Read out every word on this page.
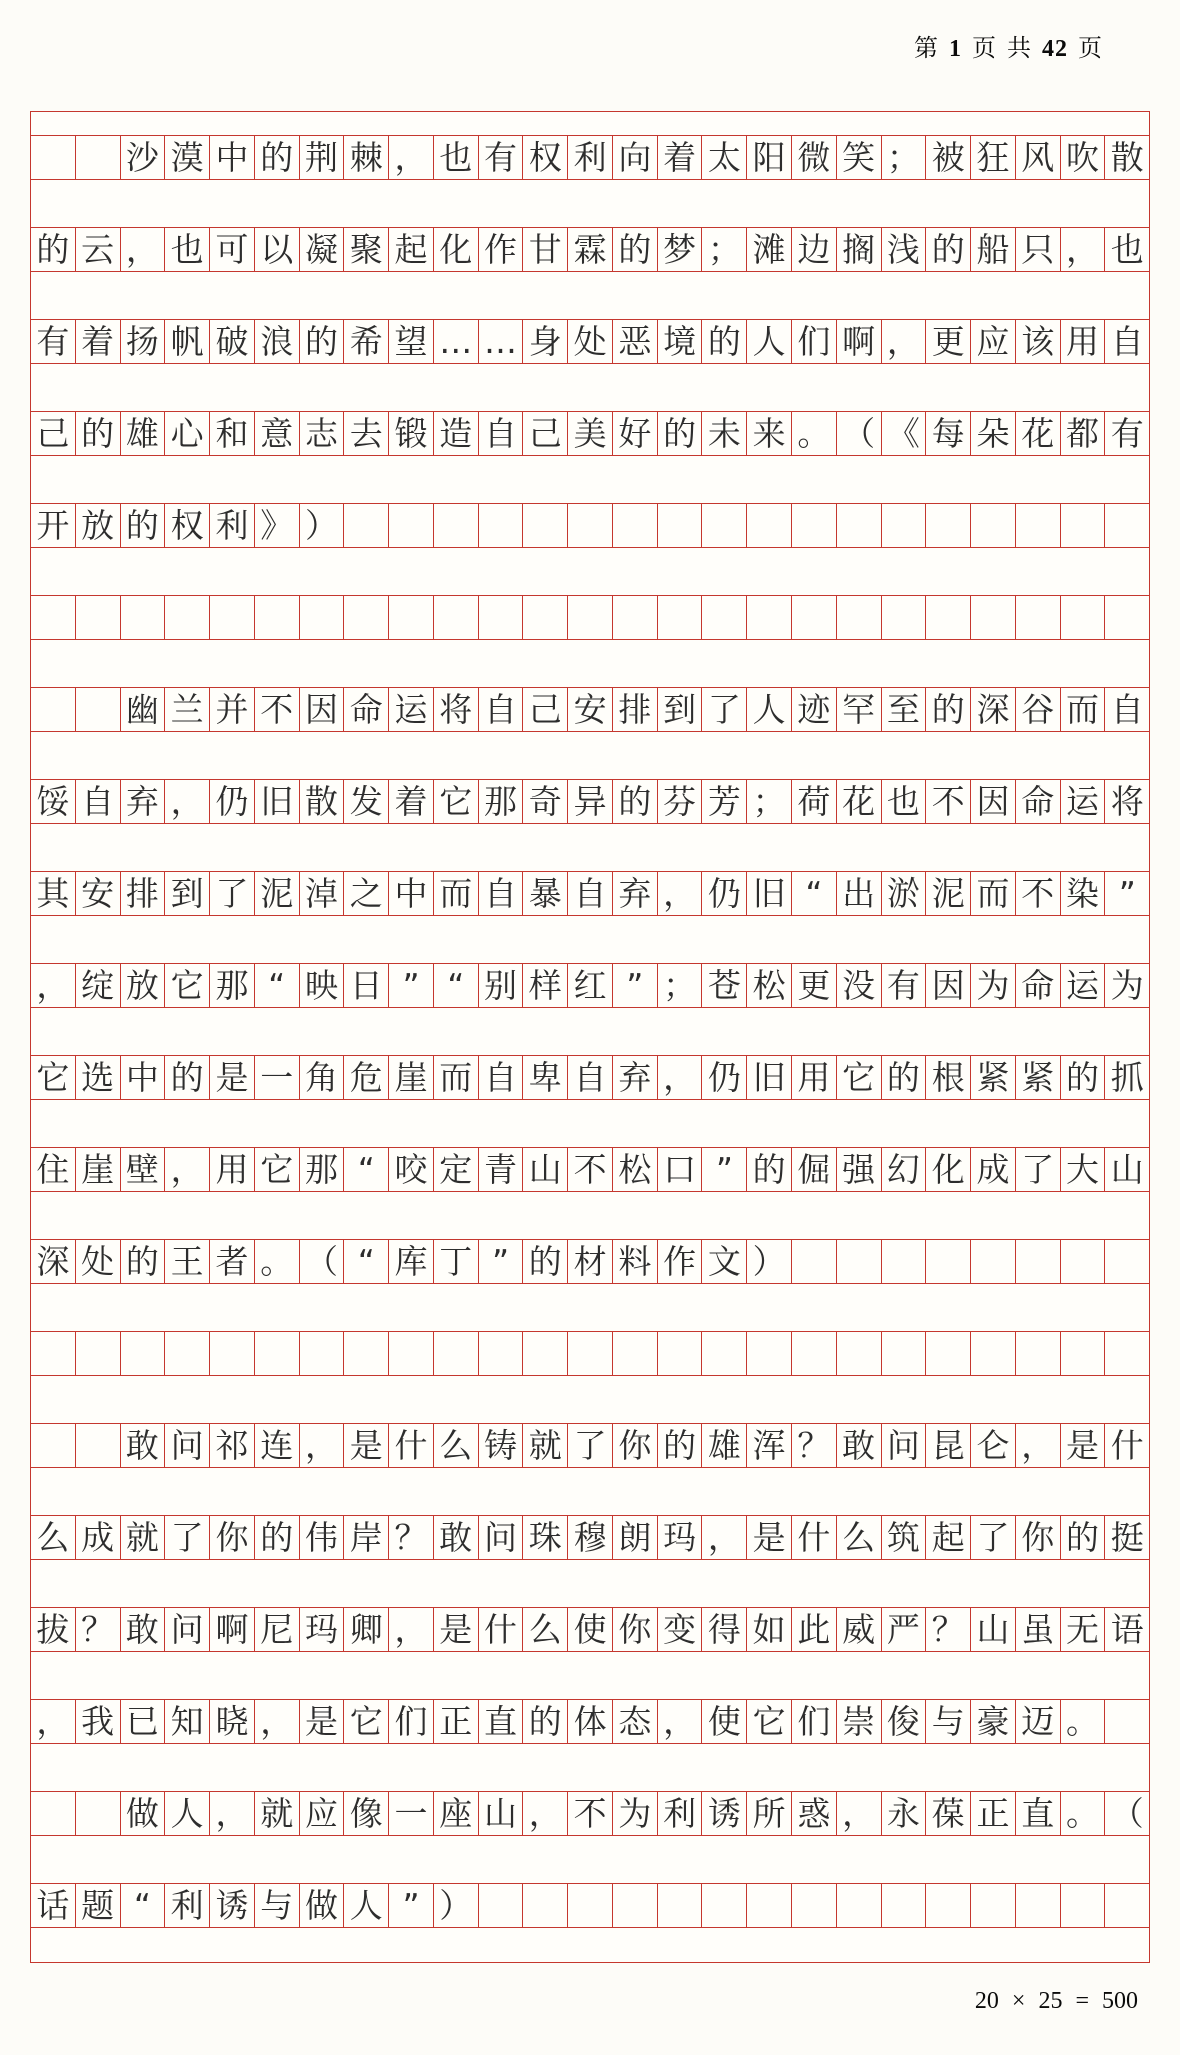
第 1 页 共 42 页

沙 漠 中 的 荆 棘 ， 也 有 权 利 向 着 太 阳 微 笑 ； 被 狂 风 吹 散
的 云 ， 也 可 以 凝 聚 起 化 作 甘 霖 的 梦 ； 滩 边 搁 浅 的 船 只 ， 也
有 着 扬 帆 破 浪 的 希 望 … … 身 处 恶 境 的 人 们 啊 ， 更 应 该 用 自
己 的 雄 心 和 意 志 去 锻 造 自 己 美 好 的 未 来 。 （ 《 每 朵 花 都 有
开 放 的 权 利 》 ）

幽 兰 并 不 因 命 运 将 自 己 安 排 到 了 人 迹 罕 至 的 深 谷 而 自
馁 自 弃 ， 仍 旧 散 发 着 它 那 奇 异 的 芬 芳 ； 荷 花 也 不 因 命 运 将
其 安 排 到 了 泥 淖 之 中 而 自 暴 自 弃 ， 仍 旧 “ 出 淤 泥 而 不 染 ”
， 绽 放 它 那 “ 映 日 ” “ 别 样 红 ” ； 苍 松 更 没 有 因 为 命 运 为
它 选 中 的 是 一 角 危 崖 而 自 卑 自 弃 ， 仍 旧 用 它 的 根 紧 紧 的 抓
住 崖 壁 ， 用 它 那 “ 咬 定 青 山 不 松 口 ” 的 倔 强 幻 化 成 了 大 山
深 处 的 王 者 。 （ “ 库 丁 ” 的 材 料 作 文 ）

敢 问 祁 连 ， 是 什 么 铸 就 了 你 的 雄 浑 ？ 敢 问 昆 仑 ， 是 什
么 成 就 了 你 的 伟 岸 ？ 敢 问 珠 穆 朗 玛 ， 是 什 么 筑 起 了 你 的 挺
拔 ？ 敢 问 啊 尼 玛 卿 ， 是 什 么 使 你 变 得 如 此 威 严 ？ 山 虽 无 语
， 我 已 知 晓 ， 是 它 们 正 直 的 体 态 ， 使 它 们 崇 俊 与 豪 迈 。

做 人 ， 就 应 像 一 座 山 ， 不 为 利 诱 所 惑 ， 永 葆 正 直 。 （
话 题 “ 利 诱 与 做 人 ” ）
20 × 25 = 500
